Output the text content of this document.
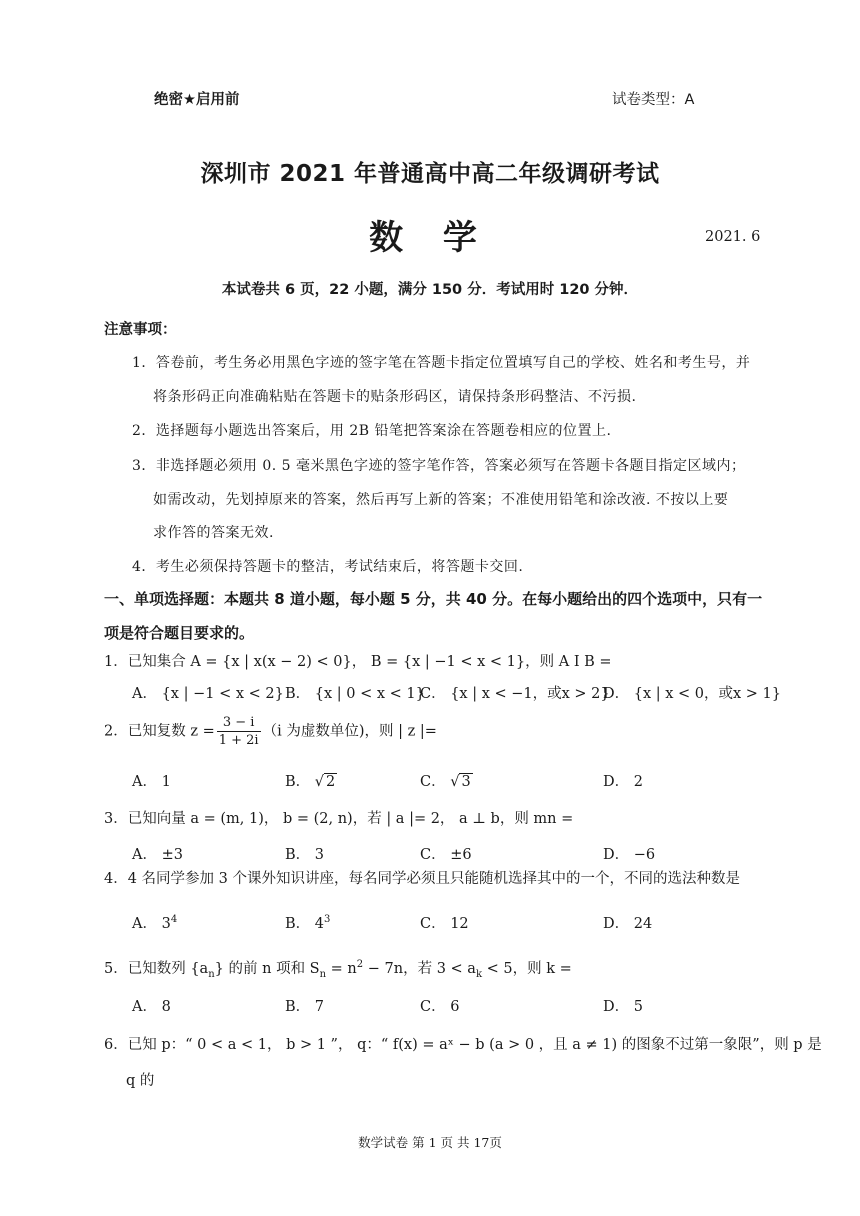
绝密★启用前	试卷类型：A
深圳市 2021 年普通高中高二年级调研考试
数 学	2021. 6
本试卷共 6 页，22 小题，满分 150 分．考试用时 120 分钟．
注意事项：
1．答卷前，考生务必用黑色字迹的签字笔在答题卡指定位置填写自己的学校、姓名和考生号，并
将条形码正向准确粘贴在答题卡的贴条形码区，请保持条形码整洁、不污损.
2．选择题每小题选出答案后，用 2B 铅笔把答案涂在答题卷相应的位置上.
3．非选择题必须用 0. 5 毫米黑色字迹的签字笔作答，答案必须写在答题卡各题目指定区域内；
如需改动，先划掉原来的答案，然后再写上新的答案；不准使用铅笔和涂改液. 不按以上要
求作答的答案无效.
4．考生必须保持答题卡的整洁，考试结束后，将答题卡交回.
一、单项选择题：本题共 8 道小题，每小题 5 分，共 40 分。在每小题给出的四个选项中，只有一
项是符合题目要求的。
1．已知集合 A = {x | x(x − 2) < 0}， B = {x | −1 < x < 1}，则 A Ⅰ B =
A． {x | −1 < x < 2} B． {x | 0 < x < 1}
C． {x | x < −1，或x > 2}
D． {x | x < 0，或x > 1}
2．已知复数 $z = \frac{3 - i}{1 + 2i} (i$ 为虚数单位)，则 | z |=
A． 1	B． √ 2	C． √ 3	D． 2
3．已知向量 a = (m, 1)， b = (2, n)，若 | a |= 2， a ⊥ b，则 mn =
A． ±3	B． 3	C． ±6	D． −6
4．4 名同学参加 3 个课外知识讲座，每名同学必须且只能随机选择其中的一个，不同的选法种数是
A． $3^4$	B． $4^3$	C． 12	D． 24
5．已知数列 $\{a_n\}$ 的前 n 项和 $S_n = n^2 - 7n$，若 $3 < a_k < 5$，则 k =
A． 8	B． 7	C． 6	D． 5
6．已知 p：“ 0 < a < 1， b > 1 ”， q：“ f(x) = aˣ − b (a > 0 ，且 a ≠ 1) 的图象不过第一象限”，则 p 是
q 的
数学试卷 第 1 页 共 17页
